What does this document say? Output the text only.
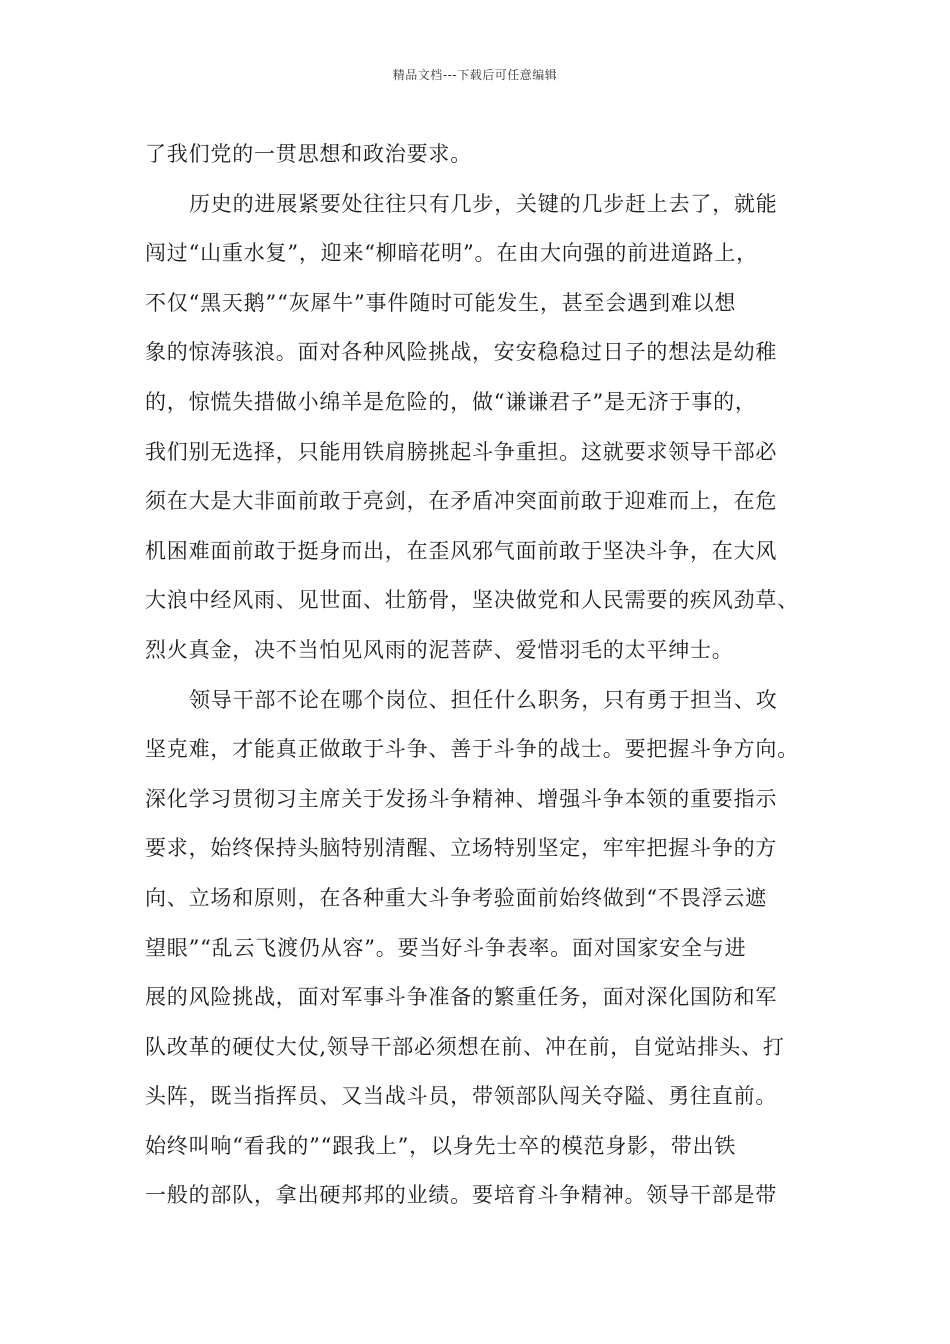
精品文档---下载后可任意编辑
了我们党的一贯思想和政治要求。
历史的进展紧要处往往只有几步，关键的几步赶上去了，就能
闯过“山重水复”，迎来“柳暗花明”。在由大向强的前进道路上，
不仅“黑天鹅”“灰犀牛”事件随时可能发生，甚至会遇到难以想
象的惊涛骇浪。面对各种风险挑战，安安稳稳过日子的想法是幼稚
的，惊慌失措做小绵羊是危险的，做“谦谦君子”是无济于事的，
我们别无选择，只能用铁肩膀挑起斗争重担。这就要求领导干部必
须在大是大非面前敢于亮剑，在矛盾冲突面前敢于迎难而上，在危
机困难面前敢于挺身而出，在歪风邪气面前敢于坚决斗争，在大风
大浪中经风雨、见世面、壮筋骨，坚决做党和人民需要的疾风劲草、
烈火真金，决不当怕见风雨的泥菩萨、爱惜羽毛的太平绅士。
领导干部不论在哪个岗位、担任什么职务，只有勇于担当、攻
坚克难，才能真正做敢于斗争、善于斗争的战士。要把握斗争方向。
深化学习贯彻习主席关于发扬斗争精神、增强斗争本领的重要指示
要求，始终保持头脑特别清醒、立场特别坚定，牢牢把握斗争的方
向、立场和原则，在各种重大斗争考验面前始终做到“不畏浮云遮
望眼”“乱云飞渡仍从容”。要当好斗争表率。面对国家安全与进
展的风险挑战，面对军事斗争准备的繁重任务，面对深化国防和军
队改革的硬仗大仗,领导干部必须想在前、冲在前，自觉站排头、打
头阵，既当指挥员、又当战斗员，带领部队闯关夺隘、勇往直前。
始终叫响“看我的”“跟我上”，以身先士卒的模范身影，带出铁
一般的部队，拿出硬邦邦的业绩。要培育斗争精神。领导干部是带
